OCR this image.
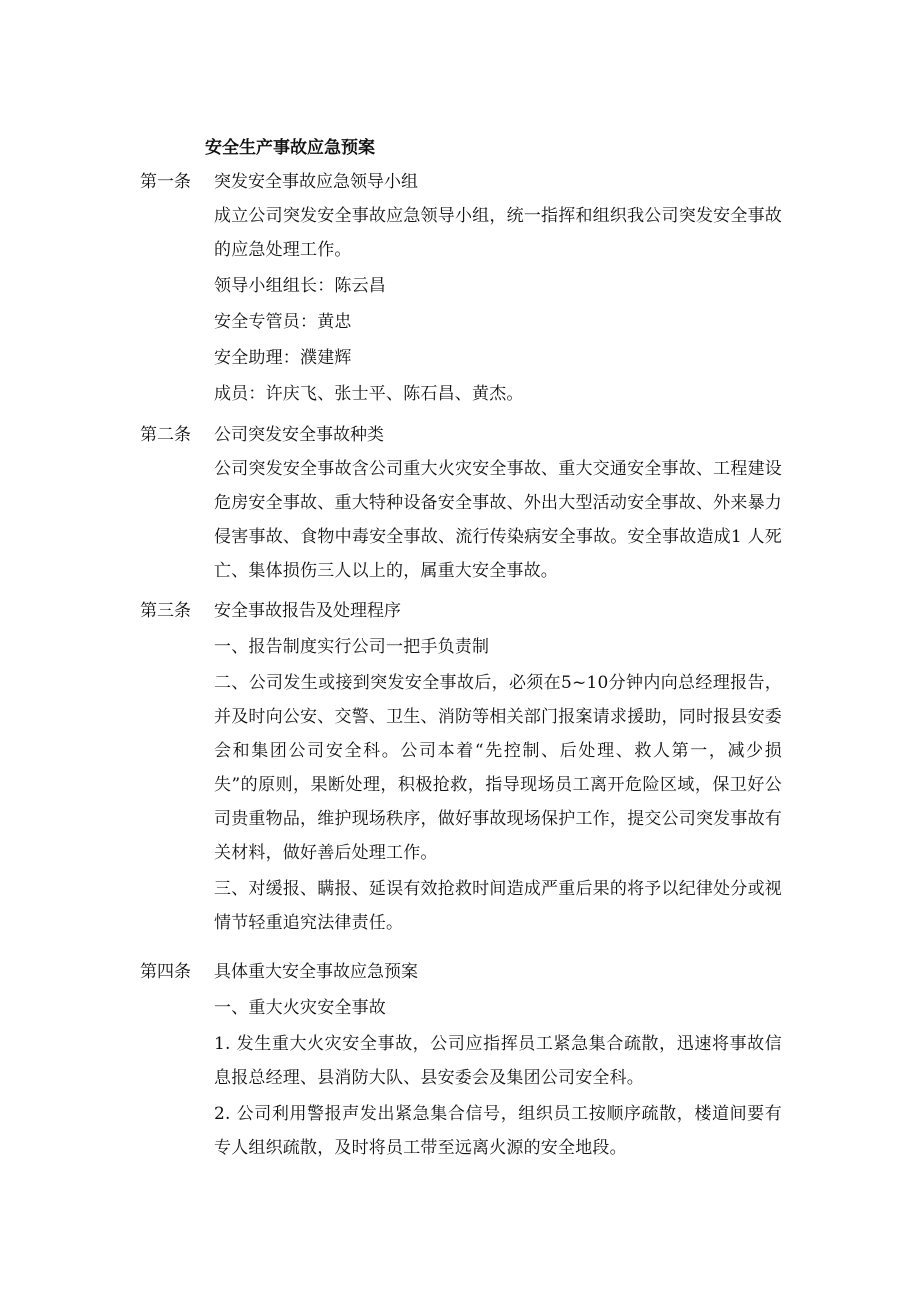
安全生产事故应急预案
第一条 突发安全事故应急领导小组

成立公司突发安全事故应急领导小组，统一指挥和组织我公司突发安全事故的应急处理工作。

领导小组组长：陈云昌

安全专管员：黄忠

安全助理：濮建辉

成员：许庆飞、张士平、陈石昌、黄杰。

第二条 公司突发安全事故种类

公司突发安全事故含公司重大火灾安全事故、重大交通安全事故、工程建设危房安全事故、重大特种设备安全事故、外出大型活动安全事故、外来暴力侵害事故、食物中毒安全事故、流行传染病安全事故。安全事故造成1 人死亡、集体损伤三人以上的，属重大安全事故。

第三条 安全事故报告及处理程序

一、报告制度实行公司一把手负责制

二、公司发生或接到突发安全事故后，必须在5~10分钟内向总经理报告，并及时向公安、交警、卫生、消防等相关部门报案请求援助，同时报县安委会和集团公司安全科。公司本着“先控制、后处理、救人第一，减少损失”的原则，果断处理，积极抢救，指导现场员工离开危险区域，保卫好公司贵重物品，维护现场秩序，做好事故现场保护工作，提交公司突发事故有关材料，做好善后处理工作。

三、对缓报、瞒报、延误有效抢救时间造成严重后果的将予以纪律处分或视情节轻重追究法律责任。

第四条 具体重大安全事故应急预案

一、重大火灾安全事故

1. 发生重大火灾安全事故，公司应指挥员工紧急集合疏散，迅速将事故信息报总经理、县消防大队、县安委会及集团公司安全科。

2. 公司利用警报声发出紧急集合信号，组织员工按顺序疏散，楼道间要有专人组织疏散，及时将员工带至远离火源的安全地段。
